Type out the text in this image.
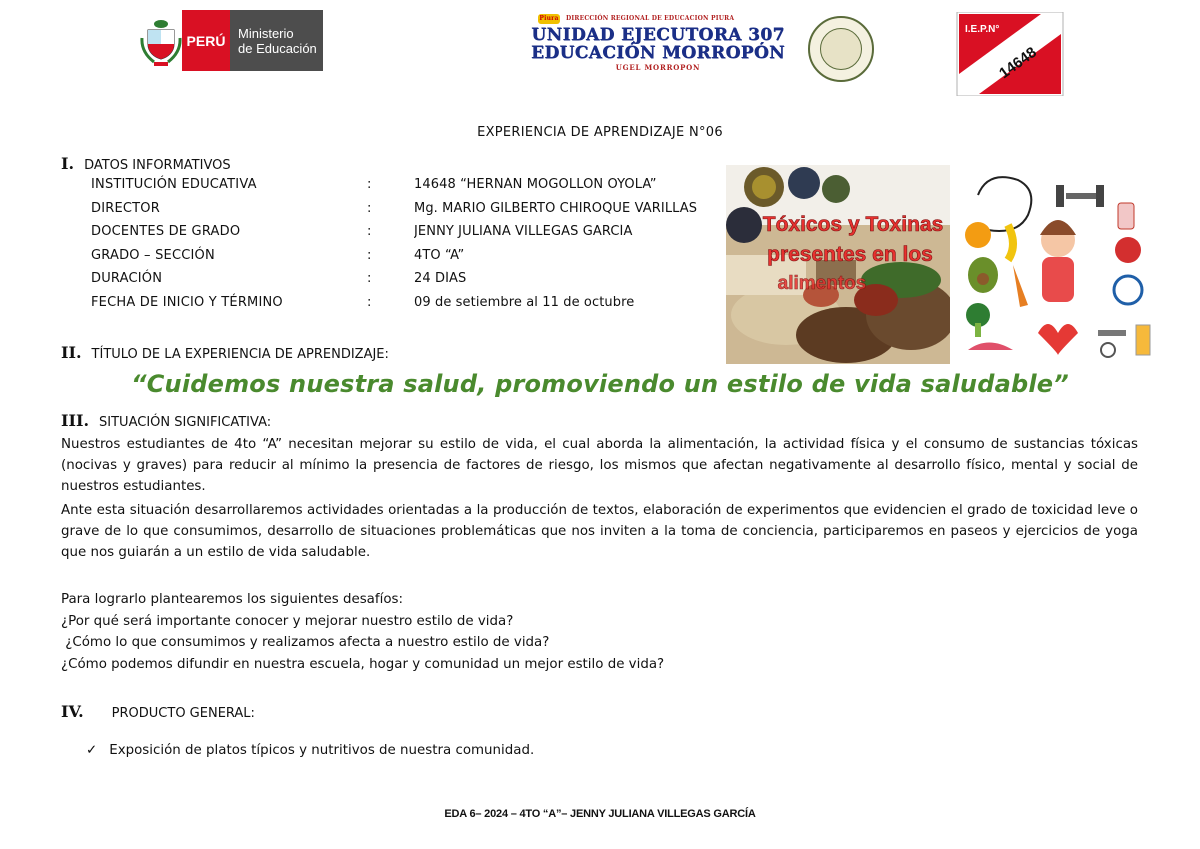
PERÚ Ministerio
de Educación
Piura DIRECCIÓN REGIONAL DE EDUCACION PIURA
UNIDAD EJECUTORA 307
EDUCACIÓN MORROPÓN
UGEL MORROPON
I.E.P.N°
14648
EXPERIENCIA DE APRENDIZAJE N°06
I. DATOS INFORMATIVOS
INSTITUCIÓN EDUCATIVA	:	14648 “HERNÁN MOGOLLÓN OYOLA”
DIRECTOR	:	Mg. MARIO GILBERTO CHIROQUE VARILLAS
DOCENTES DE GRADO	:	JENNY JULIANA VILLEGAS GARCÍA
GRADO – SECCIÓN	:	4TO “A”
DURACIÓN	:	24 DÍAS
FECHA DE INICIO Y TÉRMINO	:	09 de setiembre al 11 de octubre
Tóxicos y Toxinas
presentes en los
alimentos
II. TÍTULO DE LA EXPERIENCIA DE APRENDIZAJE:
“Cuidemos nuestra salud, promoviendo un estilo de vida saludable”
III. SITUACIÓN SIGNIFICATIVA:
Nuestros estudiantes de 4to “A” necesitan mejorar su estilo de vida, el cual aborda la alimentación, la actividad física y el consumo de sustancias tóxicas (nocivas y graves) para reducir al mínimo la presencia de factores de riesgo, los mismos que afectan negativamente al desarrollo físico, mental y social de nuestros estudiantes.
Ante esta situación desarrollaremos actividades orientadas a la producción de textos, elaboración de experimentos que evidencien el grado de toxicidad leve o grave de lo que consumimos, desarrollo de situaciones problemáticas que nos inviten a la toma de conciencia, participaremos en paseos y ejercicios de yoga que nos guiarán a un estilo de vida saludable.
Para lograrlo plantearemos los siguientes desafíos:
¿Por qué será importante conocer y mejorar nuestro estilo de vida?
¿Cómo lo que consumimos y realizamos afecta a nuestro estilo de vida?
¿Cómo podemos difundir en nuestra escuela, hogar y comunidad un mejor estilo de vida?
IV. PRODUCTO GENERAL:
✓ Exposición de platos típicos y nutritivos de nuestra comunidad.
EDA 6– 2024 – 4TO “A”– JENNY JULIANA VILLEGAS GARCÍA
